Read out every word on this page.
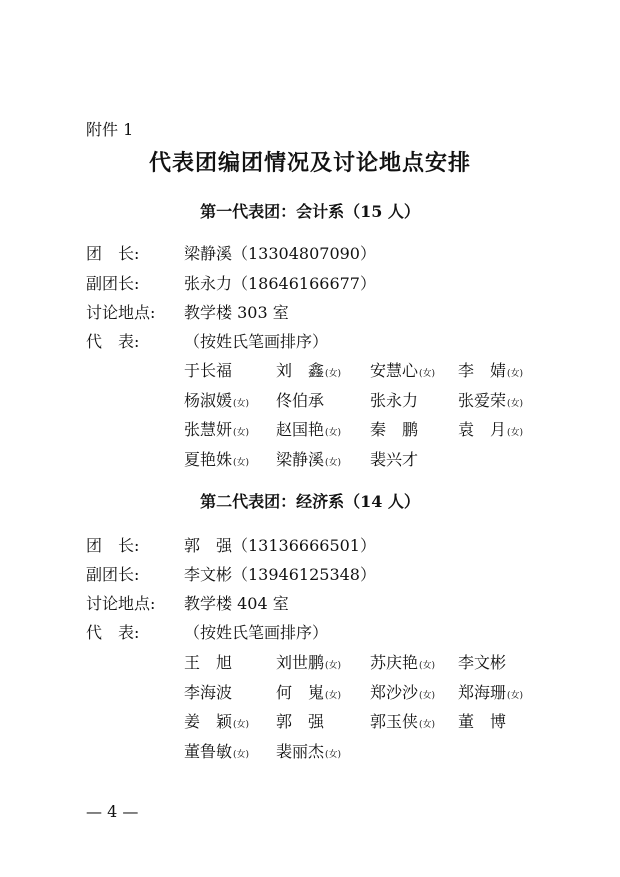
附件 1
代表团编团情况及讨论地点安排
第一代表团：会计系（15 人）
团　长:	梁静溪（13304807090）
副团长:	张永力（18646166677）
讨论地点: 教学楼 303 室
代　表:	（按姓氏笔画排序）
于长福	刘　鑫(女)	安慧心(女)	李　婧(女)
杨淑媛(女)	佟伯承	张永力	张爱荣(女)
张慧妍(女)	赵国艳(女)	秦　鹏	袁　月(女)
夏艳姝(女)	梁静溪(女)	裴兴才
第二代表团：经济系（14 人）
团　长:	郭　强（13136666501）
副团长:	李文彬（13946125348）
讨论地点: 教学楼 404 室
代　表:	（按姓氏笔画排序）
王　旭	刘世鹏(女)	苏庆艳(女)	李文彬
李海波	何　嵬(女)	郑沙沙(女)	郑海珊(女)
姜　颖(女)	郭　强	郭玉侠(女)	董　博
董鲁敏(女)	裴丽杰(女)
— 4 —
